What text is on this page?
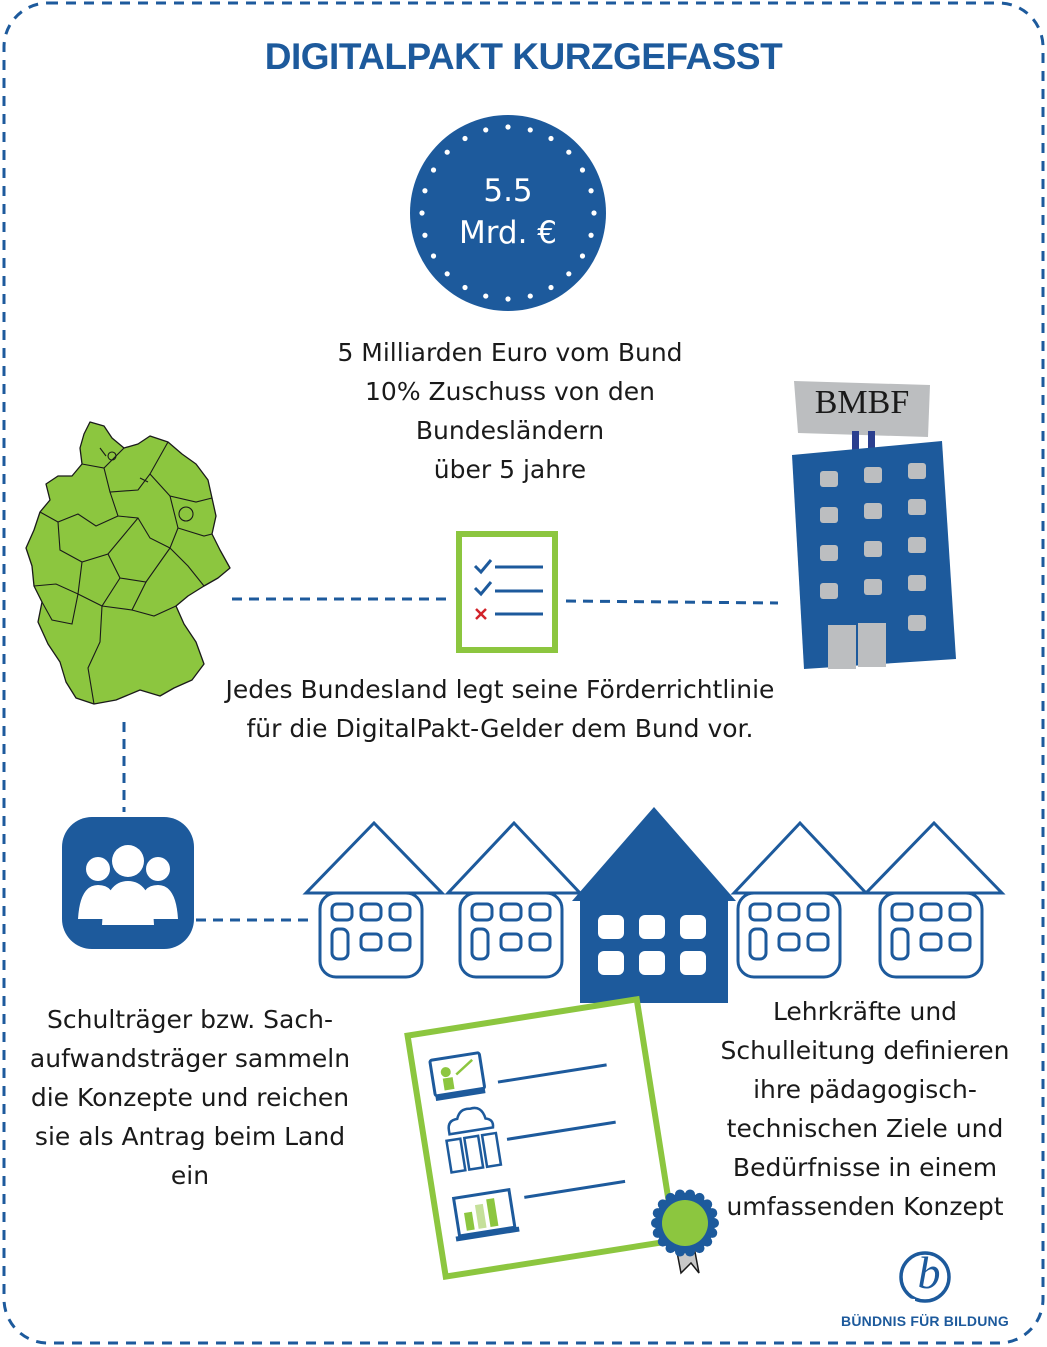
DIGITALPAKT KURZGEFASST
5.5
Mrd. €
5 Milliarden Euro vom Bund
10% Zuschuss von den
Bundesländern
über 5 jahre
BMBF
Jedes Bundesland legt seine Förderrichtlinie
für die DigitalPakt-Gelder dem Bund vor.
Schulträger bzw. Sach-
aufwandsträger sammeln
die Konzepte und reichen
sie als Antrag beim Land
ein
Lehrkräfte und
Schulleitung definieren
ihre pädagogisch-
technischen Ziele und
Bedürfnisse in einem
umfassenden Konzept
b
BÜNDNIS FÜR BILDUNG
